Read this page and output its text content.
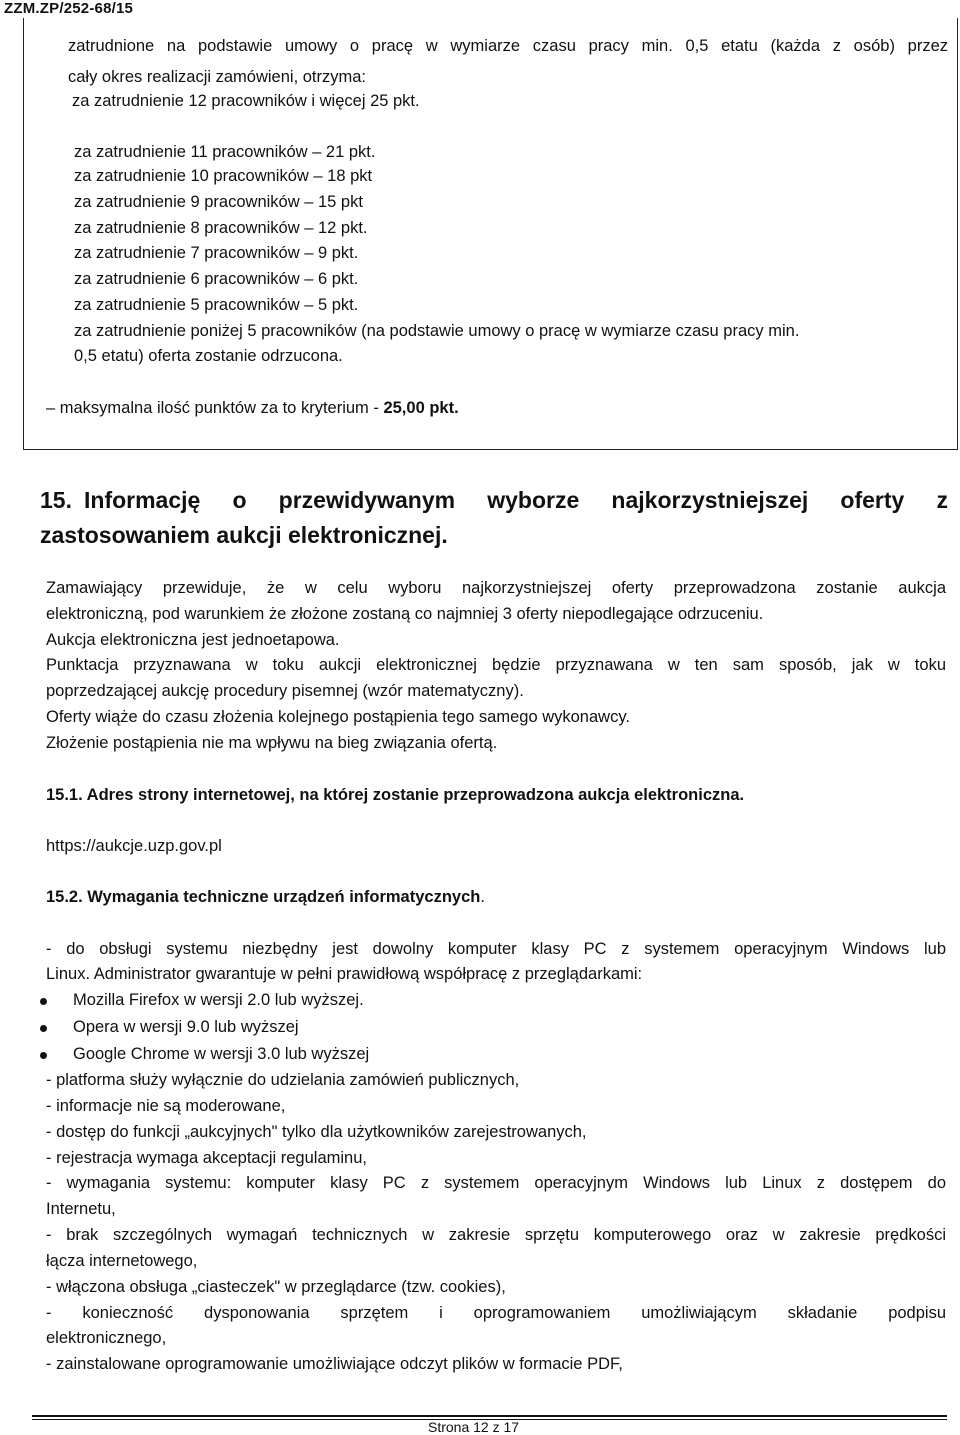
ZZM.ZP/252-68/15
zatrudnione na podstawie umowy o pracę w wymiarze czasu pracy min. 0,5 etatu (każda z osób) przez
cały okres realizacji zamówieni, otrzyma:
za zatrudnienie 12 pracowników i więcej 25 pkt.
za zatrudnienie 11 pracowników – 21 pkt.
za zatrudnienie 10 pracowników – 18 pkt
za zatrudnienie 9 pracowników – 15 pkt
za zatrudnienie 8 pracowników – 12 pkt.
za zatrudnienie 7 pracowników – 9 pkt.
za zatrudnienie 6 pracowników – 6 pkt.
za zatrudnienie 5 pracowników – 5 pkt.
za zatrudnienie poniżej 5 pracowników (na podstawie umowy o pracę w wymiarze czasu pracy min.
0,5 etatu) oferta zostanie odrzucona.
– maksymalna ilość punktów za to kryterium - 25,00 pkt.
15. Informację o przewidywanym wyborze najkorzystniejszej oferty z
zastosowaniem aukcji elektronicznej.
Zamawiający przewiduje, że w celu wyboru najkorzystniejszej oferty przeprowadzona zostanie aukcja
elektroniczną, pod warunkiem że złożone zostaną co najmniej 3 oferty niepodlegające odrzuceniu.
Aukcja elektroniczna jest jednoetapowa.
Punktacja przyznawana w toku aukcji elektronicznej będzie przyznawana w ten sam sposób, jak w toku
poprzedzającej aukcję procedury pisemnej (wzór matematyczny).
Oferty wiąże do czasu złożenia kolejnego postąpienia tego samego wykonawcy.
Złożenie postąpienia nie ma wpływu na bieg związania ofertą.
15.1. Adres strony internetowej, na której zostanie przeprowadzona aukcja elektroniczna.
https://aukcje.uzp.gov.pl
15.2. Wymagania techniczne urządzeń informatycznych.
- do obsługi systemu niezbędny jest dowolny komputer klasy PC z systemem operacyjnym Windows lub
Linux. Administrator gwarantuje w pełni prawidłową współpracę z przeglądarkami:
Mozilla Firefox w wersji 2.0 lub wyższej.
Opera w wersji 9.0 lub wyższej
Google Chrome w wersji 3.0 lub wyższej
- platforma służy wyłącznie do udzielania zamówień publicznych,
- informacje nie są moderowane,
- dostęp do funkcji „aukcyjnych" tylko dla użytkowników zarejestrowanych,
- rejestracja wymaga akceptacji regulaminu,
- wymagania systemu: komputer klasy PC z systemem operacyjnym Windows lub Linux z dostępem do
Internetu,
- brak szczególnych wymagań technicznych w zakresie sprzętu komputerowego oraz w zakresie prędkości
łącza internetowego,
- włączona obsługa „ciasteczek" w przeglądarce (tzw. cookies),
- konieczność dysponowania sprzętem i oprogramowaniem umożliwiającym składanie podpisu
elektronicznego,
- zainstalowane oprogramowanie umożliwiające odczyt plików w formacie PDF,
Strona 12 z 17
